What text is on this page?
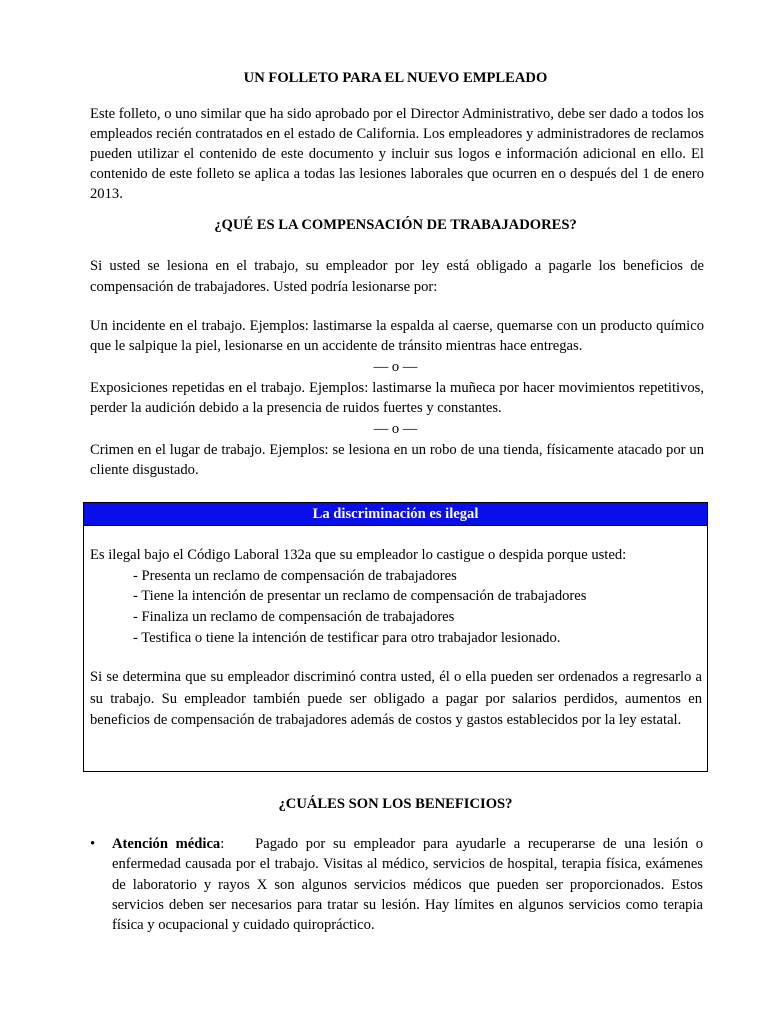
UN FOLLETO PARA EL NUEVO EMPLEADO

Este folleto, o uno similar que ha sido aprobado por el Director Administrativo, debe ser dado a todos los empleados recién contratados en el estado de California. Los empleadores y administradores de reclamos pueden utilizar el contenido de este documento y incluir sus logos e información adicional en ello. El contenido de este folleto se aplica a todas las lesiones laborales que ocurren en o después del 1 de enero 2013.

¿QUÉ ES LA COMPENSACIÓN DE TRABAJADORES?

Si usted se lesiona en el trabajo, su empleador por ley está obligado a pagarle los beneficios de compensación de trabajadores. Usted podría lesionarse por:

Un incidente en el trabajo. Ejemplos: lastimarse la espalda al caerse, quemarse con un producto químico que le salpique la piel, lesionarse en un accidente de tránsito mientras hace entregas.

— o —

Exposiciones repetidas en el trabajo. Ejemplos: lastimarse la muñeca por hacer movimientos repetitivos, perder la audición debido a la presencia de ruidos fuertes y constantes.

— o —

Crimen en el lugar de trabajo. Ejemplos: se lesiona en un robo de una tienda, físicamente atacado por un cliente disgustado.

La discriminación es ilegal

Es ilegal bajo el Código Laboral 132a que su empleador lo castigue o despida porque usted:

- Presenta un reclamo de compensación de trabajadores

- Tiene la intención de presentar un reclamo de compensación de trabajadores

- Finaliza un reclamo de compensación de trabajadores

- Testifica o tiene la intención de testificar para otro trabajador lesionado.

Si se determina que su empleador discriminó contra usted, él o ella pueden ser ordenados a regresarlo a su trabajo. Su empleador también puede ser obligado a pagar por salarios perdidos, aumentos en beneficios de compensación de trabajadores además de costos y gastos establecidos por la ley estatal.

¿CUÁLES SON LOS BENEFICIOS?

• Atención médica: Pagado por su empleador para ayudarle a recuperarse de una lesión o enfermedad causada por el trabajo. Visitas al médico, servicios de hospital, terapia física, exámenes de laboratorio y rayos X son algunos servicios médicos que pueden ser proporcionados. Estos servicios deben ser necesarios para tratar su lesión. Hay límites en algunos servicios como terapia física y ocupacional y cuidado quiropráctico.
